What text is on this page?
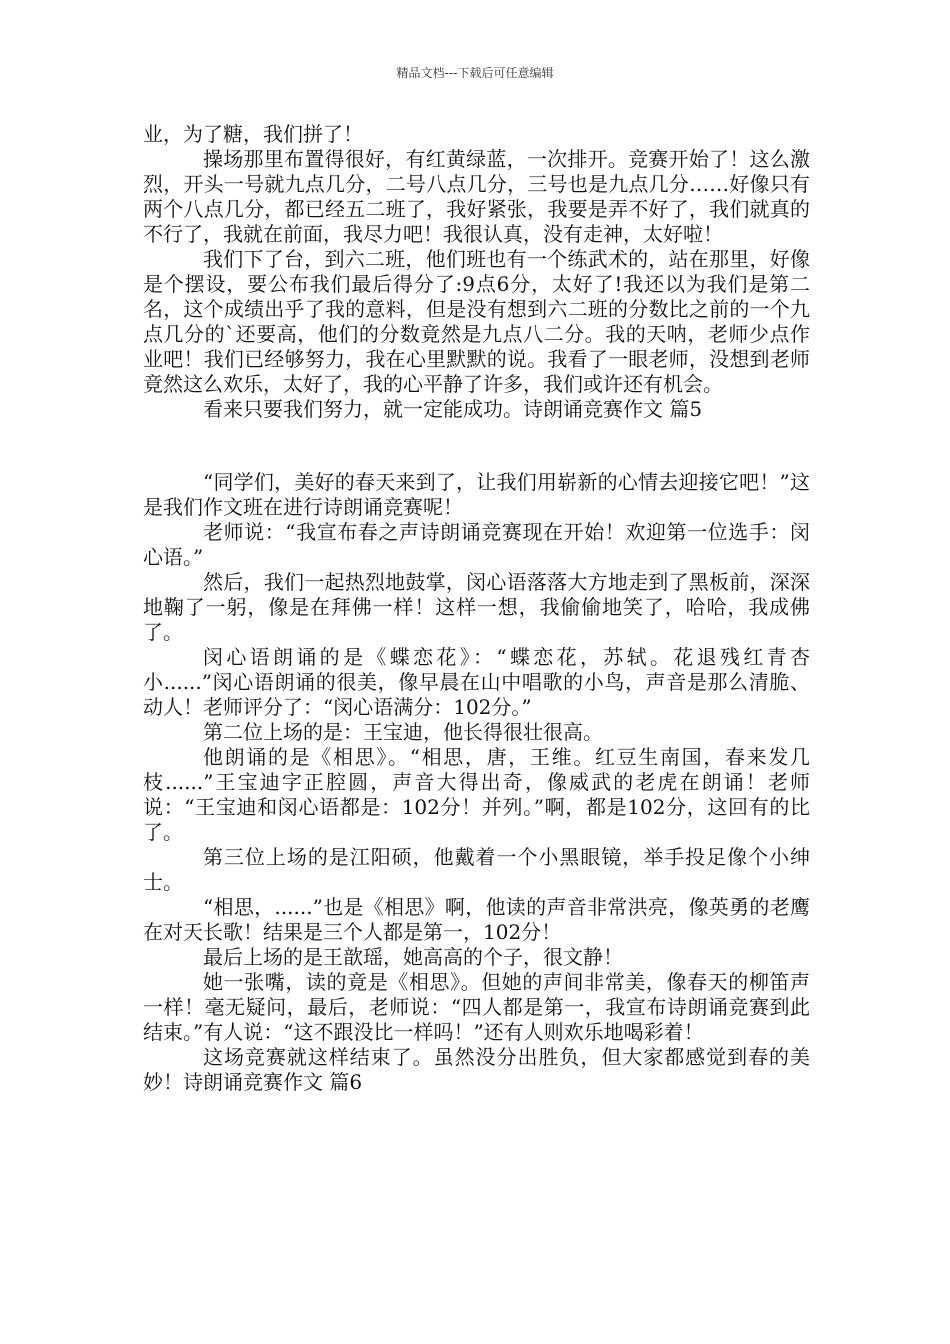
精品文档---下载后可任意编辑

业，为了糖，我们拼了！

操场那里布置得很好，有红黄绿蓝，一次排开。竞赛开始了！这么激烈，开头一号就九点几分，二号八点几分，三号也是九点几分……好像只有两个八点几分，都已经五二班了，我好紧张，我要是弄不好了，我们就真的不行了，我就在前面，我尽力吧！我很认真，没有走神，太好啦！

我们下了台，到六二班，他们班也有一个练武术的，站在那里，好像是个摆设，要公布我们最后得分了:9点6分，太好了!我还以为我们是第二名，这个成绩出乎了我的意料，但是没有想到六二班的分数比之前的一个九点几分的`还要高，他们的分数竟然是九点八二分。我的天呐，老师少点作业吧！我们已经够努力，我在心里默默的说。我看了一眼老师，没想到老师竟然这么欢乐，太好了，我的心平静了许多，我们或许还有机会。

看来只要我们努力，就一定能成功。诗朗诵竞赛作文 篇5

“同学们，美好的春天来到了，让我们用崭新的心情去迎接它吧！”这是我们作文班在进行诗朗诵竞赛呢！

老师说：“我宣布春之声诗朗诵竞赛现在开始！欢迎第一位选手：闵心语。”

然后，我们一起热烈地鼓掌，闵心语落落大方地走到了黑板前，深深地鞠了一躬，像是在拜佛一样！这样一想，我偷偷地笑了，哈哈，我成佛了。

闵心语朗诵的是《蝶恋花》：“蝶恋花，苏轼。花退残红青杏小......”闵心语朗诵的很美，像早晨在山中唱歌的小鸟，声音是那么清脆、动人！老师评分了：“闵心语满分：102分。”

第二位上场的是：王宝迪，他长得很壮很高。

他朗诵的是《相思》。“相思，唐，王维。红豆生南国，春来发几枝......”王宝迪字正腔圆，声音大得出奇，像威武的老虎在朗诵！老师说：“王宝迪和闵心语都是：102分！并列。”啊，都是102分，这回有的比了。

第三位上场的是江阳硕，他戴着一个小黑眼镜，举手投足像个小绅士。

“相思，......”也是《相思》啊，他读的声音非常洪亮，像英勇的老鹰在对天长歌！结果是三个人都是第一，102分！

最后上场的是王歆瑶，她高高的个子，很文静！

她一张嘴，读的竟是《相思》。但她的声间非常美，像春天的柳笛声一样！毫无疑问，最后，老师说：“四人都是第一，我宣布诗朗诵竞赛到此结束。”有人说：“这不跟没比一样吗！”还有人则欢乐地喝彩着！

这场竞赛就这样结束了。虽然没分出胜负，但大家都感觉到春的美妙！诗朗诵竞赛作文 篇6
